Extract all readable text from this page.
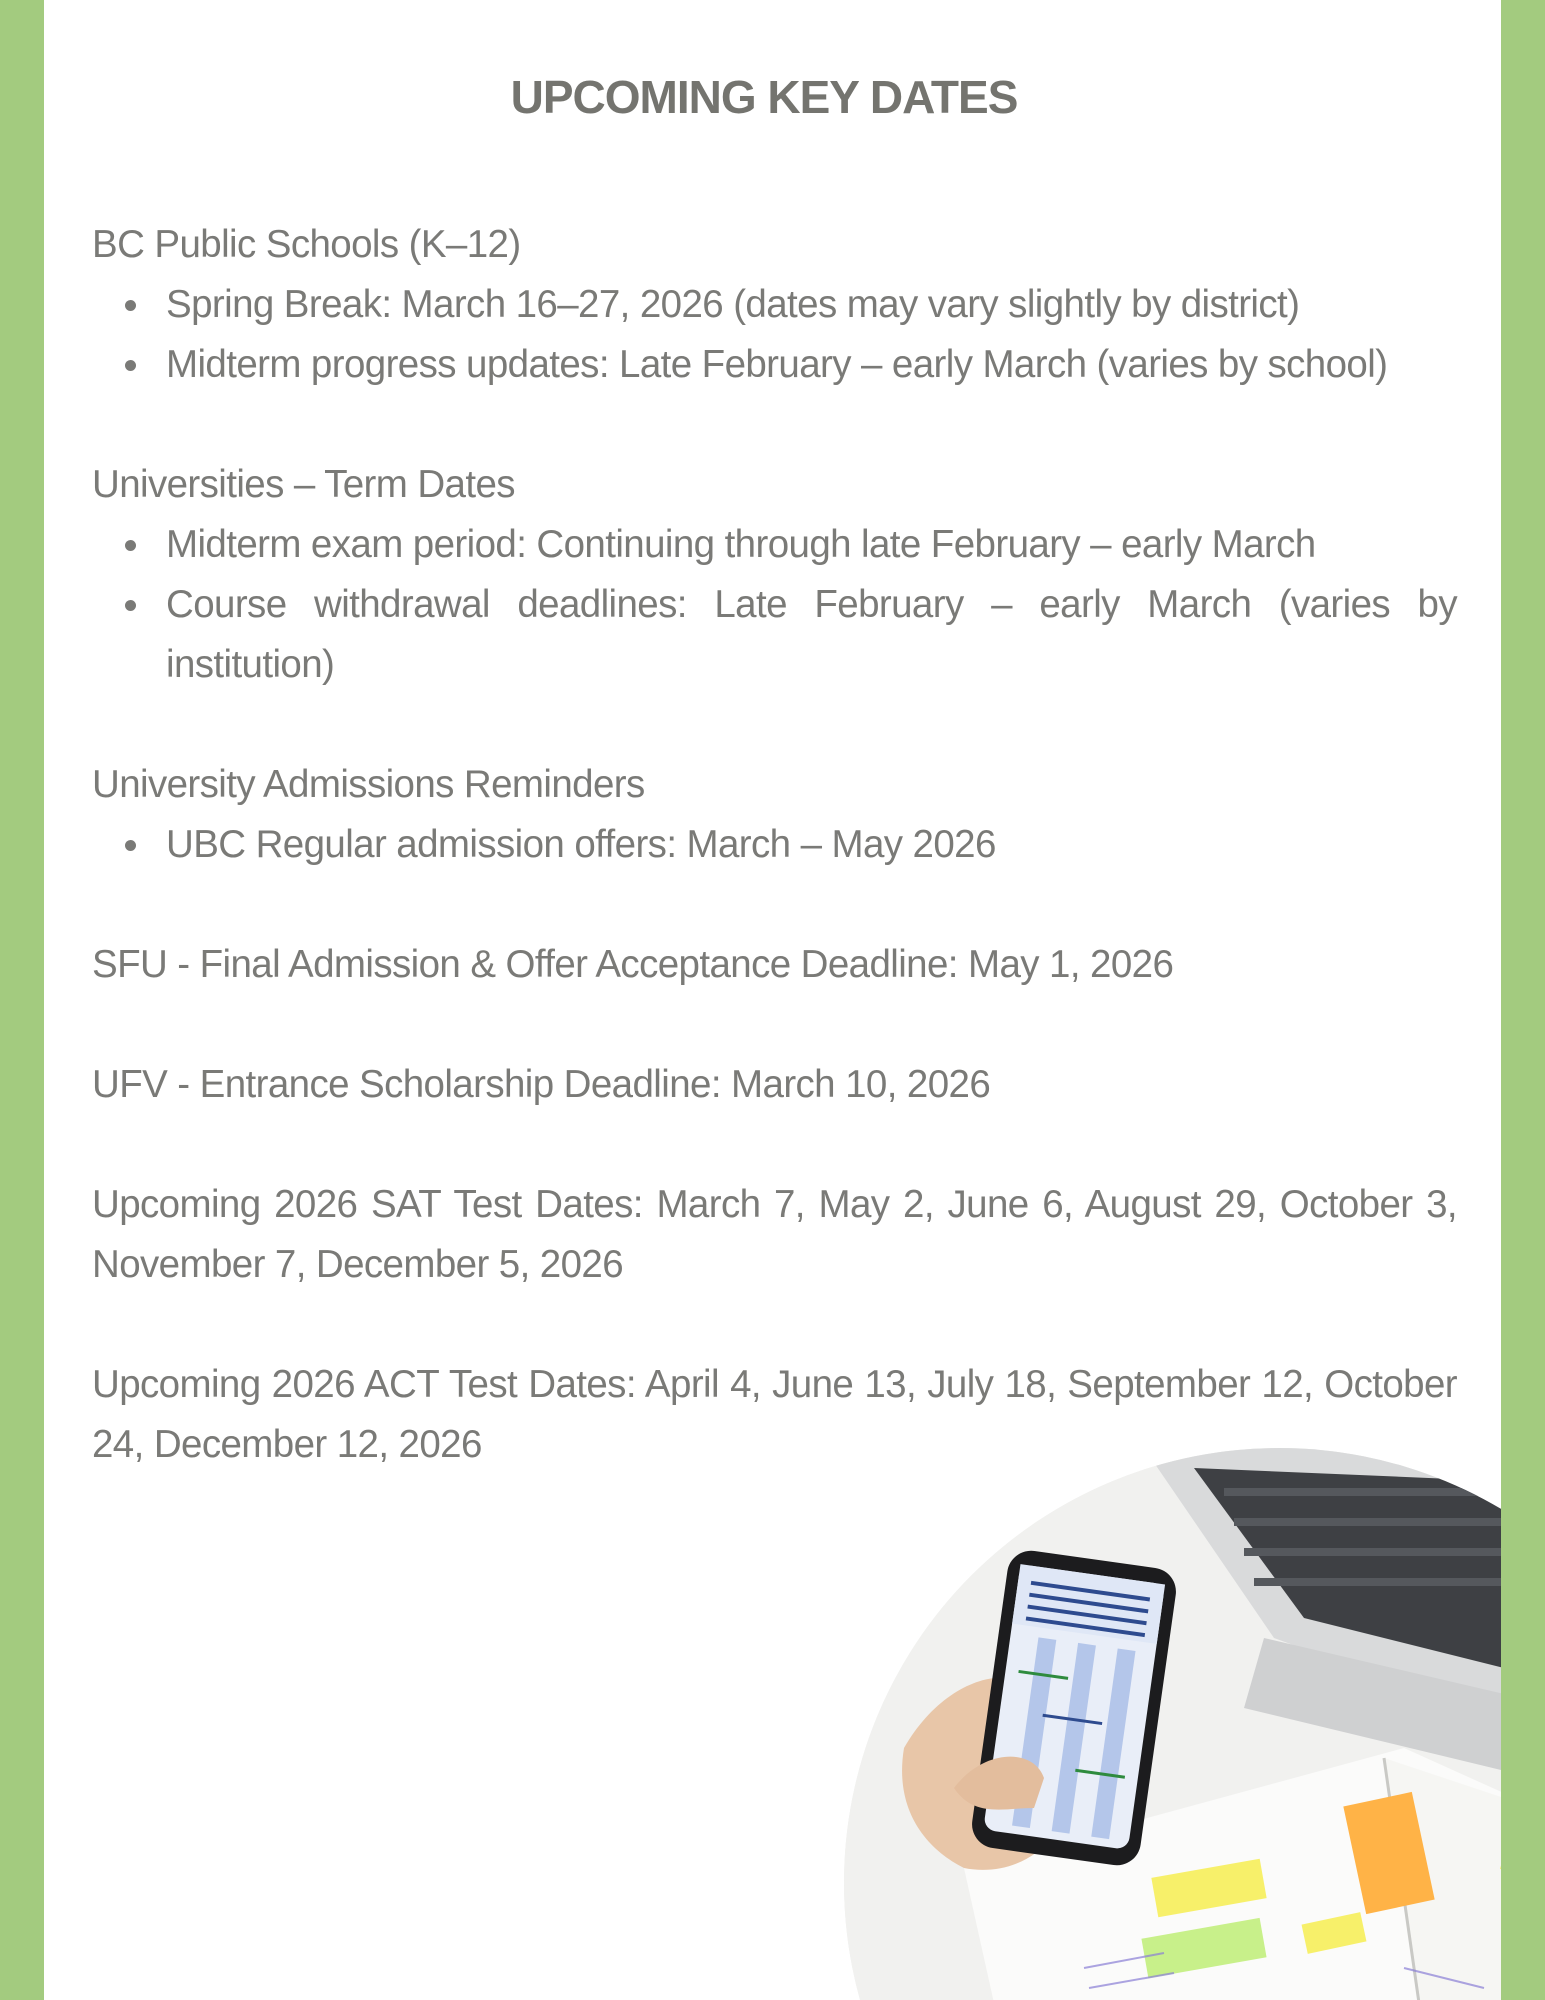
UPCOMING KEY DATES

BC Public Schools (K–12)

Spring Break: March 16–27, 2026 (dates may vary slightly by district)
Midterm progress updates: Late February – early March (varies by school)

Universities – Term Dates

Midterm exam period: Continuing through late February – early March
Course withdrawal deadlines: Late February – early March (varies by institution)

University Admissions Reminders

UBC Regular admission offers: March – May 2026

SFU - Final Admission & Offer Acceptance Deadline: May 1, 2026

UFV - Entrance Scholarship Deadline: March 10, 2026

Upcoming 2026 SAT Test Dates: March 7, May 2, June 6, August 29, October 3, November 7, December 5, 2026

Upcoming 2026 ACT Test Dates: April 4, June 13, July 18, September 12, October 24, December 12, 2026
